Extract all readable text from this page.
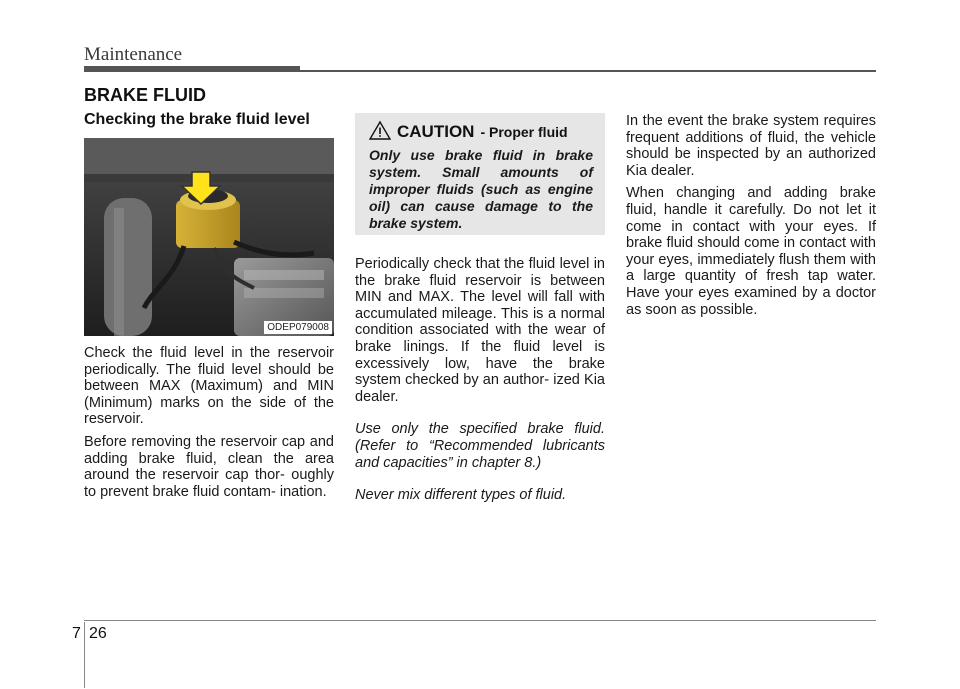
Maintenance
BRAKE FLUID
Checking the brake fluid level
ODEP079008

Check the fluid level in the reservoir periodically. The fluid level should be between MAX (Maximum) and MIN (Minimum) marks on the side of the reservoir.

Before removing the reservoir cap and adding brake fluid, clean the area around the reservoir cap thor- oughly to prevent brake fluid contam- ination.

CAUTION - Proper fluid
Only use brake fluid in brake system. Small amounts of improper fluids (such as engine oil) can cause damage to the brake system.

Periodically check that the fluid level in the brake fluid reservoir is between MIN and MAX. The level will fall with accumulated mileage. This is a normal condition associated with the wear of brake linings. If the fluid level is excessively low, have the brake system checked by an author- ized Kia dealer.

Use only the specified brake fluid. (Refer to “Recommended lubricants and capacities” in chapter 8.)

Never mix different types of fluid.

In the event the brake system requires frequent additions of fluid, the vehicle should be inspected by an authorized Kia dealer.

When changing and adding brake fluid, handle it carefully. Do not let it come in contact with your eyes. If brake fluid should come in contact with your eyes, immediately flush them with a large quantity of fresh tap water. Have your eyes examined by a doctor as soon as possible.

7 26
